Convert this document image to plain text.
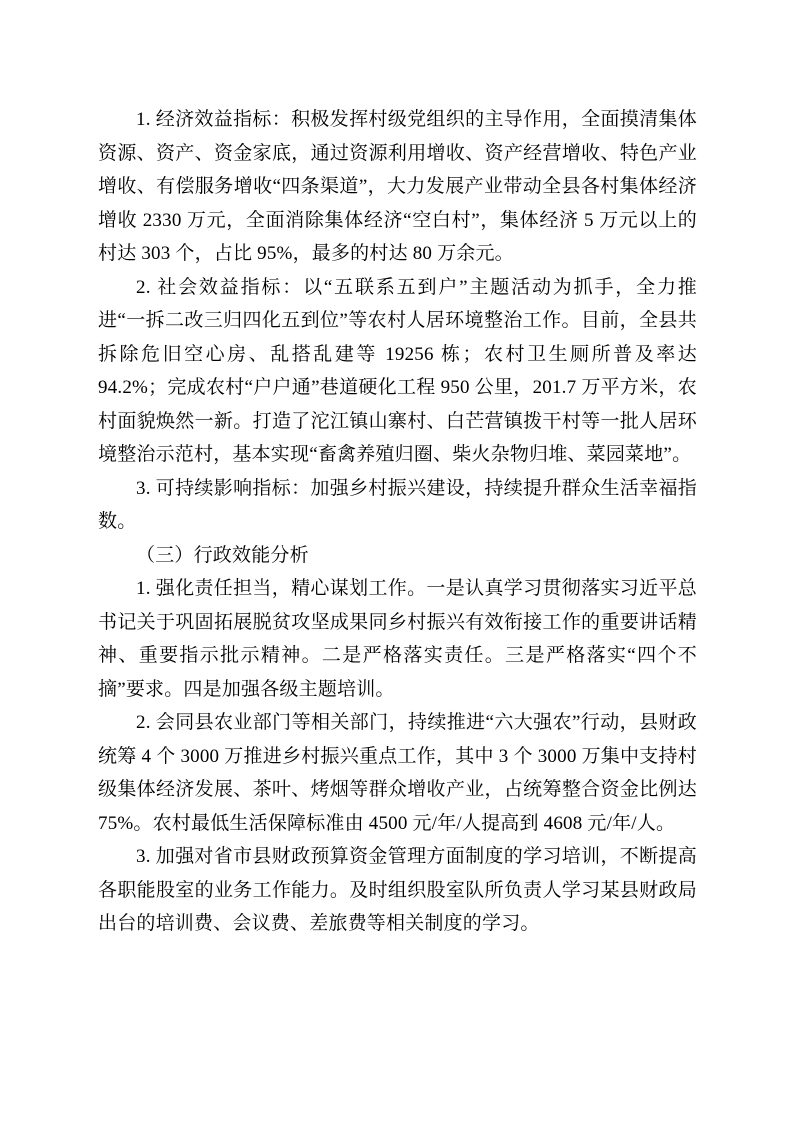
1. 经济效益指标：积极发挥村级党组织的主导作用，全面摸清集体资源、资产、资金家底，通过资源利用增收、资产经营增收、特色产业增收、有偿服务增收“四条渠道”，大力发展产业带动全县各村集体经济增收 2330 万元，全面消除集体经济“空白村”，集体经济 5 万元以上的村达 303 个，占比 95%，最多的村达 80 万余元。

2. 社会效益指标：以“五联系五到户”主题活动为抓手，全力推进“一拆二改三归四化五到位”等农村人居环境整治工作。目前，全县共拆除危旧空心房、乱搭乱建等 19256 栋；农村卫生厕所普及率达 94.2%；完成农村“户户通”巷道硬化工程 950 公里，201.7 万平方米，农村面貌焕然一新。打造了沱江镇山寨村、白芒营镇拨干村等一批人居环境整治示范村，基本实现“畜禽养殖归圈、柴火杂物归堆、菜园菜地”。

3. 可持续影响指标：加强乡村振兴建设，持续提升群众生活幸福指数。

（三）行政效能分析

1. 强化责任担当，精心谋划工作。一是认真学习贯彻落实习近平总书记关于巩固拓展脱贫攻坚成果同乡村振兴有效衔接工作的重要讲话精神、重要指示批示精神。二是严格落实责任。三是严格落实“四个不摘”要求。四是加强各级主题培训。

2. 会同县农业部门等相关部门，持续推进“六大强农”行动，县财政统筹 4 个 3000 万推进乡村振兴重点工作，其中 3 个 3000 万集中支持村级集体经济发展、茶叶、烤烟等群众增收产业，占统筹整合资金比例达 75%。农村最低生活保障标准由 4500 元/年/人提高到 4608 元/年/人。

3. 加强对省市县财政预算资金管理方面制度的学习培训，不断提高各职能股室的业务工作能力。及时组织股室队所负责人学习某县财政局出台的培训费、会议费、差旅费等相关制度的学习。
